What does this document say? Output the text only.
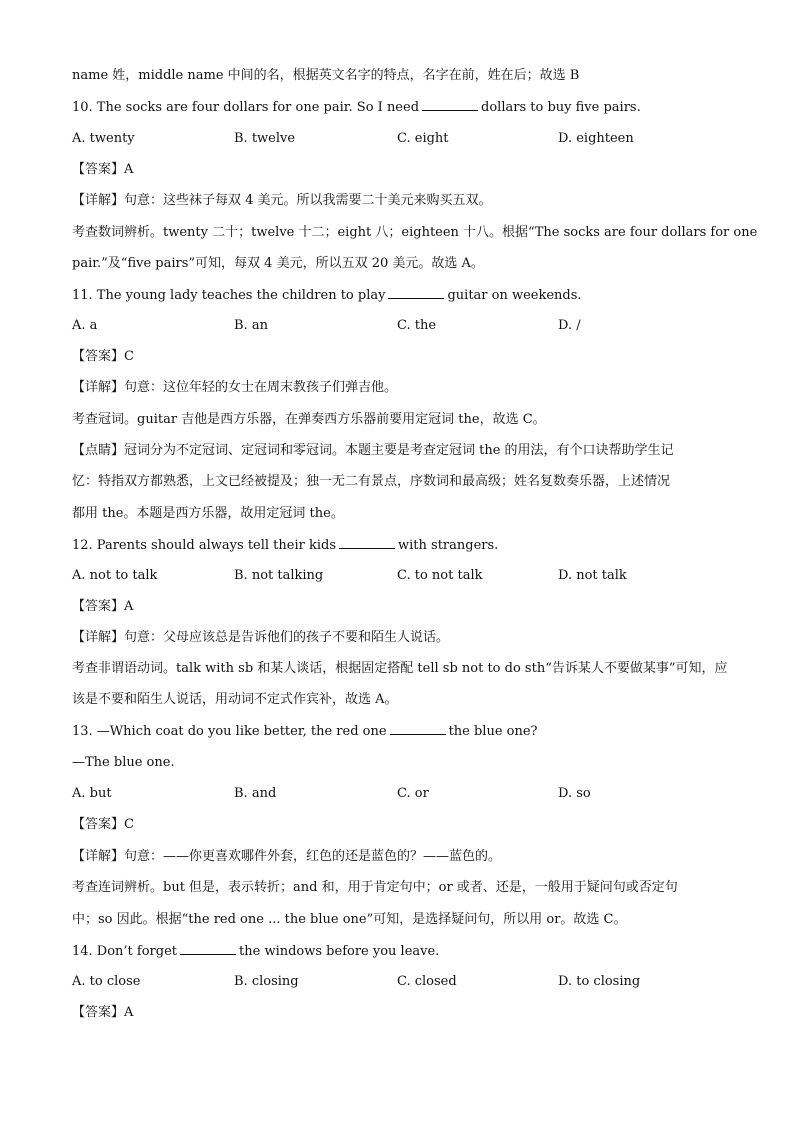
name 姓，middle name 中间的名，根据英文名字的特点，名字在前，姓在后；故选 B
10. The socks are four dollars for one pair. So I need	dollars to buy five pairs.
A. twenty	B. twelve	C. eight	D. eighteen
【答案】A
【详解】句意：这些袜子每双 4 美元。所以我需要二十美元来购买五双。
考查数词辨析。twenty 二十；twelve 十二；eight 八；eighteen 十八。根据“The socks are four dollars for one
pair.”及“five pairs”可知，每双 4 美元，所以五双 20 美元。故选 A。
11. The young lady teaches the children to play	guitar on weekends.
A. a	B. an	C. the	D. /
【答案】C
【详解】句意：这位年轻的女士在周末教孩子们弹吉他。
考查冠词。guitar 吉他是西方乐器，在弹奏西方乐器前要用定冠词 the，故选 C。
【点睛】冠词分为不定冠词、定冠词和零冠词。本题主要是考查定冠词 the 的用法，有个口诀帮助学生记
忆：特指双方都熟悉，上文已经被提及；独一无二有景点，序数词和最高级；姓名复数奏乐器，上述情况
都用 the。本题是西方乐器，故用定冠词 the。
12. Parents should always tell their kids	with strangers.
A. not to talk	B. not talking	C. to not talk	D. not talk
【答案】A
【详解】句意：父母应该总是告诉他们的孩子不要和陌生人说话。
考查非谓语动词。talk with sb 和某人谈话，根据固定搭配 tell sb not to do sth“告诉某人不要做某事”可知，应
该是不要和陌生人说话，用动词不定式作宾补，故选 A。
13. —Which coat do you like better, the red one	the blue one?
—The blue one.
A. but	B. and	C. or	D. so
【答案】C
【详解】句意：——你更喜欢哪件外套，红色的还是蓝色的？——蓝色的。
考查连词辨析。but 但是，表示转折；and 和，用于肯定句中；or 或者、还是，一般用于疑问句或否定句
中；so 因此。根据“the red one ... the blue one”可知，是选择疑问句，所以用 or。故选 C。
14. Don’t forget	the windows before you leave.
A. to close	B. closing	C. closed	D. to closing
【答案】A
